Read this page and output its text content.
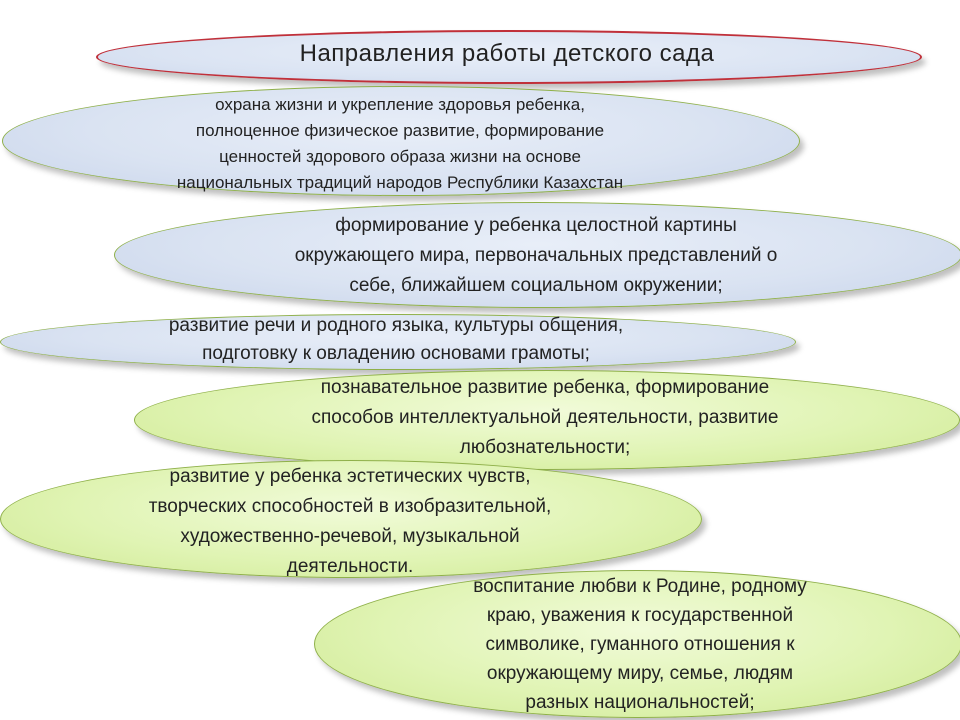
Направления работы детского сада
охрана жизни и укрепление здоровья ребенка,
полноценное физическое развитие, формирование
ценностей здорового образа жизни на основе
национальных традиций народов Республики Казахстан
формирование у ребенка целостной картины
окружающего мира, первоначальных представлений о
себе, ближайшем социальном окружении;
развитие речи и родного языка, культуры общения,
подготовку к овладению основами грамоты;
познавательное развитие ребенка, формирование
способов интеллектуальной деятельности, развитие
любознательности;
развитие у ребенка эстетических чувств,
творческих способностей в изобразительной,
художественно-речевой, музыкальной
деятельности.
воспитание любви к Родине, родному
краю, уважения к государственной
символике, гуманного отношения к
окружающему миру, семье, людям
разных национальностей;
